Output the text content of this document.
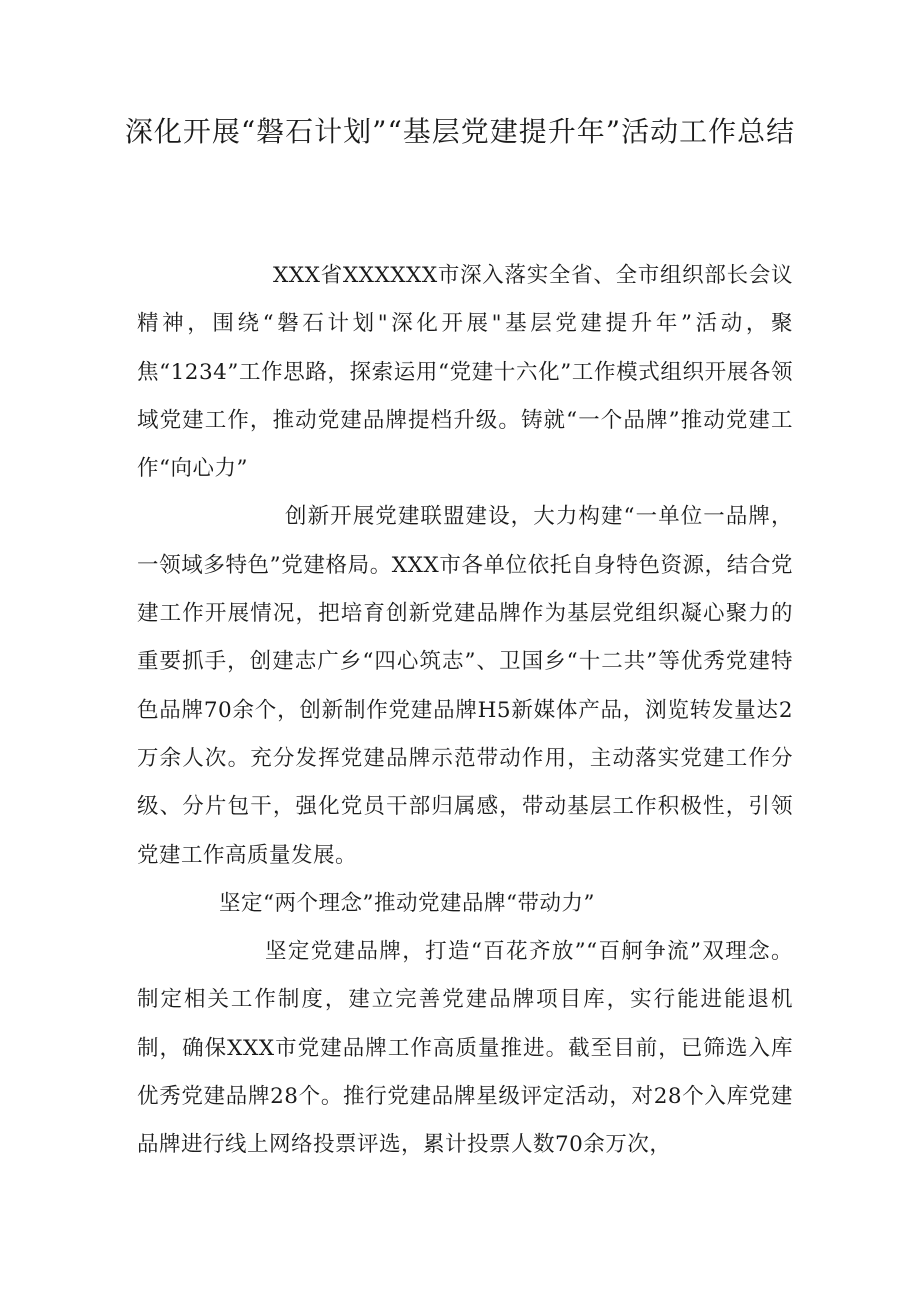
深化开展“磐石计划”“基层党建提升年”活动工作总结

XXX省XXXXXX市深入落实全省、全市组织部长会议精神，围绕“磐石计划"深化开展"基层党建提升年”活动，聚焦“1234”工作思路，探索运用“党建十六化”工作模式组织开展各领域党建工作，推动党建品牌提档升级。铸就“一个品牌”推动党建工作“向心力”

创新开展党建联盟建设，大力构建“一单位一品牌，一领域多特色”党建格局。XXX市各单位依托自身特色资源，结合党建工作开展情况，把培育创新党建品牌作为基层党组织凝心聚力的重要抓手，创建志广乡“四心筑志”、卫国乡“十二共”等优秀党建特色品牌70余个，创新制作党建品牌H5新媒体产品，浏览转发量达2万余人次。充分发挥党建品牌示范带动作用，主动落实党建工作分级、分片包干，强化党员干部归属感，带动基层工作积极性，引领党建工作高质量发展。

坚定“两个理念”推动党建品牌“带动力”

坚定党建品牌，打造“百花齐放”“百舸争流”双理念。制定相关工作制度，建立完善党建品牌项目库，实行能进能退机制，确保XXX市党建品牌工作高质量推进。截至目前，已筛选入库优秀党建品牌28个。推行党建品牌星级评定活动，对28个入库党建品牌进行线上网络投票评选，累计投票人数70余万次，
